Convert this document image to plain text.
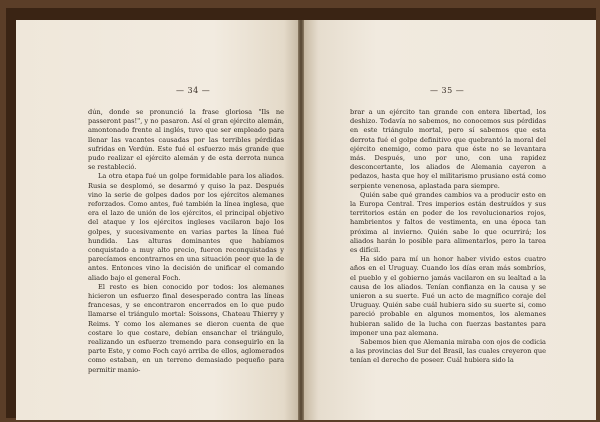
— 34 —

dún, donde se pronunció la frase gloriosa "Ils ne passeront pas!", y no pasaron. Así el gran ejército alemán, amontonado frente al inglés, tuvo que ser empleado para llenar las vacantes causadas por las terribles pérdidas sufridas en Verdún. Este fué el esfuerzo más grande que pudo realizar el ejército alemán y de esta derrota nunca se restableció.

La otra etapa fué un golpe formidable para los aliados. Rusia se desplomó, se desarmó y quiso la paz. Después vino la serie de golpes dados por los ejércitos alemanes reforzados. Como antes, fué también la línea inglesa, que era el lazo de unión de los ejércitos, el principal objetivo del ataque y los ejércitos ingleses vacilaron bajo los golpes, y sucesivamente en varias partes la línea fué hundida. Las alturas dominantes que habíamos conquistado a muy alto precio, fueron reconquistadas y parecíamos encontrarnos en una situación peor que la de antes. Entonces vino la decisión de unificar el comando aliado bajo el general Foch.

El resto es bien conocido por todos: los alemanes hicieron un esfuerzo final desesperado contra las líneas francesas, y se encontraron encerrados en lo que pudo llamarse el triángulo mortal: Soissons, Chateau Thierry y Reims. Y como los alemanes se dieron cuenta de que costare lo que costare, debían ensanchar el triángulo, realizando un esfuerzo tremendo para conseguirlo en la parte Este, y como Foch cayó arriba de ellos, aglomerados como estaban, en un terreno demasiado pequeño para permitir manio-

— 35 —

brar a un ejército tan grande con entera libertad, los deshizo. Todavía no sabemos, no conocemos sus pérdidas en este triángulo mortal, pero sí sabemos que esta derrota fué el golpe definitivo que quebrantó la moral del ejército enemigo, como para que éste no se levantara más. Después, uno por uno, con una rapidez desconcertante, los aliados de Alemania cayeron a pedazos, hasta que hoy el militarismo prusiano está como serpiente venenosa, aplastada para siempre.

Quién sabe qué grandes cambios va a producir esto en la Europa Central. Tres imperios están destruídos y sus territorios están en poder de los revolucionarios rojos, hambrientos y faltos de vestimenta, en una época tan próxima al invierno. Quién sabe lo que ocurrirá; los aliados harán lo posible para alimentarlos, pero la tarea es difícil.

Ha sido para mí un honor haber vivido estos cuatro años en el Uruguay. Cuando los días eran más sombríos, el pueblo y el gobierno jamás vacilaron en su lealtad a la causa de los aliados. Tenían confianza en la causa y se unieron a su suerte. Fué un acto de magnífico coraje del Uruguay. Quién sabe cuál hubiera sido su suerte si, como pareció probable en algunos momentos, los alemanes hubieran salido de la lucha con fuerzas bastantes para imponer una paz alemana.

Sabemos bien que Alemania miraba con ojos de codicia a las provincias del Sur del Brasil, las cuales creyeron que tenían el derecho de poseer. Cuál hubiera sido la
